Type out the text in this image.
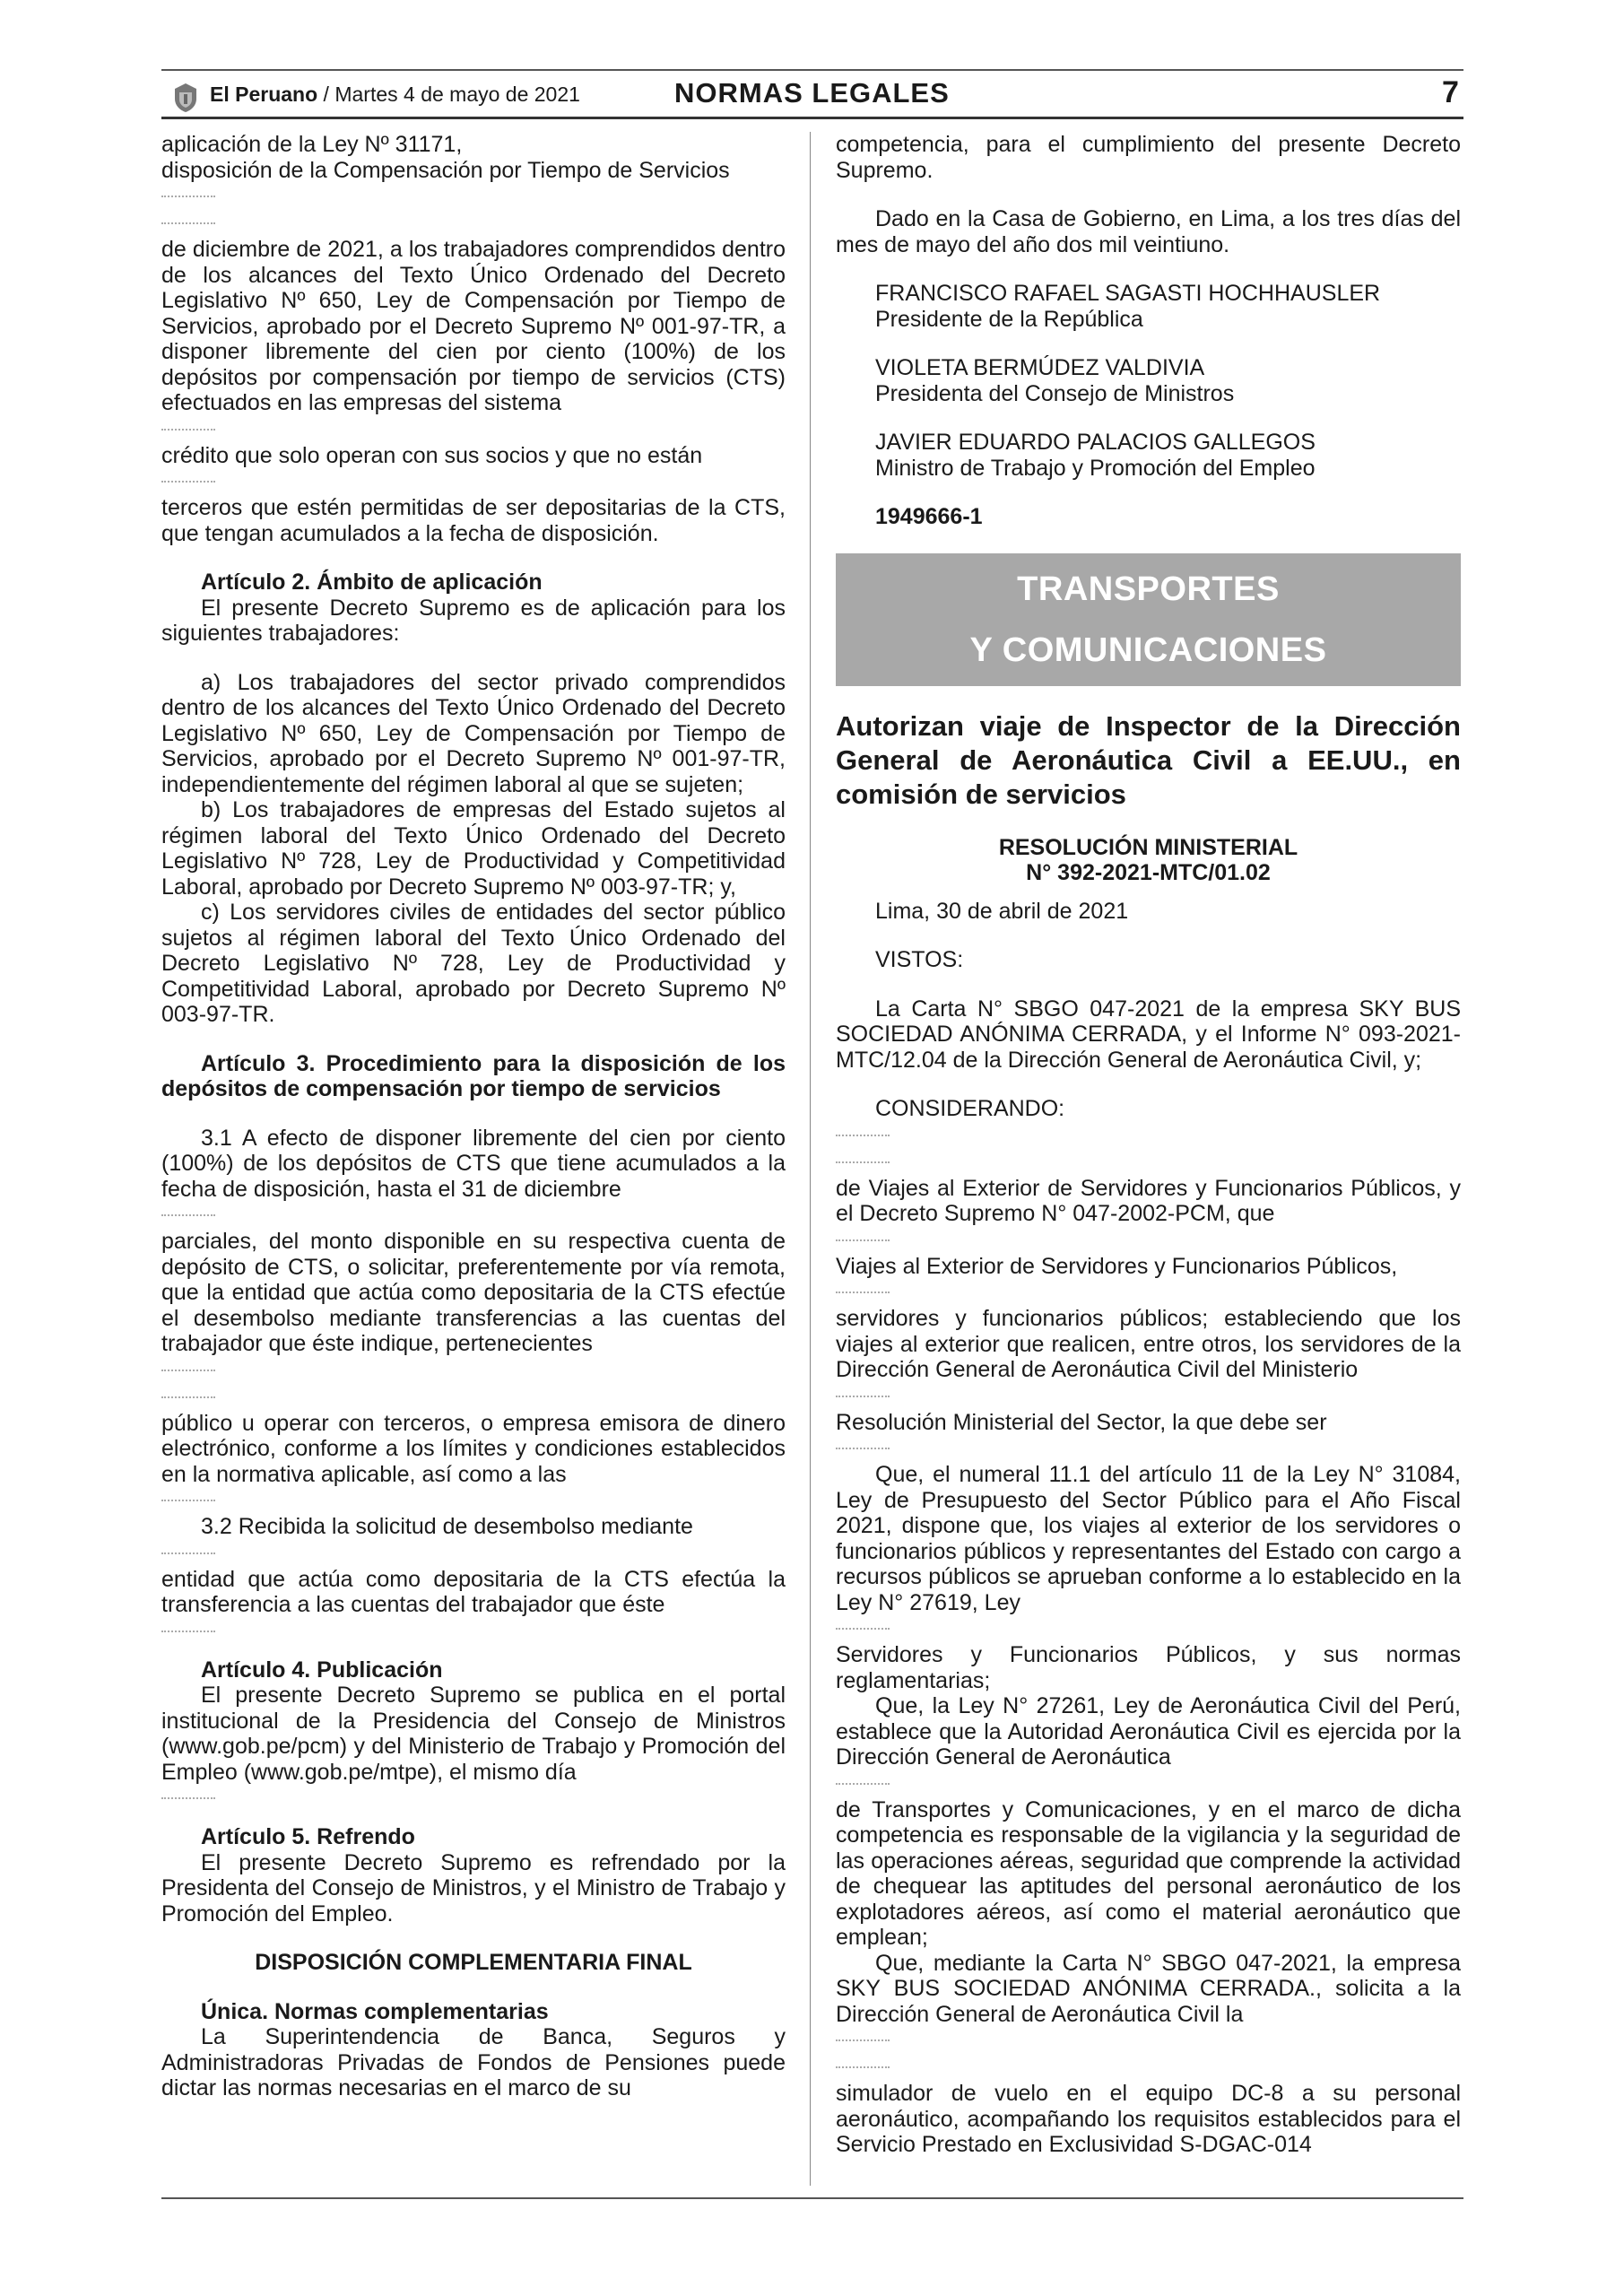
El Peruano / Martes 4 de mayo de 2021	NORMAS LEGALES	7

aplicación de la Ley Nº 31171,

disposición de la Compensación por Tiempo de Servicios

de diciembre de 2021, a los trabajadores comprendidos dentro de los alcances del Texto Único Ordenado del Decreto Legislativo Nº 650, Ley de Compensación por Tiempo de Servicios, aprobado por el Decreto Supremo Nº 001-97-TR, a disponer libremente del cien por ciento (100%) de los depósitos por compensación por tiempo de servicios (CTS) efectuados en las empresas del sistema

crédito que solo operan con sus socios y que no están

terceros que estén permitidas de ser depositarias de la CTS, que tengan acumulados a la fecha de disposición.

Artículo 2. Ámbito de aplicación

El presente Decreto Supremo es de aplicación para los siguientes trabajadores:

a) Los trabajadores del sector privado comprendidos dentro de los alcances del Texto Único Ordenado del Decreto Legislativo Nº 650, Ley de Compensación por Tiempo de Servicios, aprobado por el Decreto Supremo Nº 001-97-TR, independientemente del régimen laboral al que se sujeten;

b) Los trabajadores de empresas del Estado sujetos al régimen laboral del Texto Único Ordenado del Decreto Legislativo Nº 728, Ley de Productividad y Competitividad Laboral, aprobado por Decreto Supremo Nº 003-97-TR; y,

c) Los servidores civiles de entidades del sector público sujetos al régimen laboral del Texto Único Ordenado del Decreto Legislativo Nº 728, Ley de Productividad y Competitividad Laboral, aprobado por Decreto Supremo Nº 003-97-TR.

Artículo 3. Procedimiento para la disposición de los depósitos de compensación por tiempo de servicios

3.1 A efecto de disponer libremente del cien por ciento (100%) de los depósitos de CTS que tiene acumulados a la fecha de disposición, hasta el 31 de diciembre

parciales, del monto disponible en su respectiva cuenta de depósito de CTS, o solicitar, preferentemente por vía remota, que la entidad que actúa como depositaria de la CTS efectúe el desembolso mediante transferencias a las cuentas del trabajador que éste indique, pertenecientes

público u operar con terceros, o empresa emisora de dinero electrónico, conforme a los límites y condiciones establecidos en la normativa aplicable, así como a las

3.2 Recibida la solicitud de desembolso mediante

entidad que actúa como depositaria de la CTS efectúa la transferencia a las cuentas del trabajador que éste

Artículo 4. Publicación

El presente Decreto Supremo se publica en el portal institucional de la Presidencia del Consejo de Ministros (www.gob.pe/pcm) y del Ministerio de Trabajo y Promoción del Empleo (www.gob.pe/mtpe), el mismo día

Artículo 5. Refrendo

El presente Decreto Supremo es refrendado por la Presidenta del Consejo de Ministros, y el Ministro de Trabajo y Promoción del Empleo.

DISPOSICIÓN COMPLEMENTARIA FINAL

Única. Normas complementarias

La Superintendencia de Banca, Seguros y Administradoras Privadas de Fondos de Pensiones puede dictar las normas necesarias en el marco de su

competencia, para el cumplimiento del presente Decreto Supremo.

Dado en la Casa de Gobierno, en Lima, a los tres días del mes de mayo del año dos mil veintiuno.

FRANCISCO RAFAEL SAGASTI HOCHHAUSLER

Presidente de la República

VIOLETA BERMÚDEZ VALDIVIA

Presidenta del Consejo de Ministros

JAVIER EDUARDO PALACIOS GALLEGOS

Ministro de Trabajo y Promoción del Empleo

1949666-1

TRANSPORTES
Y COMUNICACIONES

Autorizan viaje de Inspector de la Dirección General de Aeronáutica Civil a EE.UU., en comisión de servicios

RESOLUCIÓN MINISTERIAL

N° 392-2021-MTC/01.02

Lima, 30 de abril de 2021

VISTOS:

La Carta N° SBGO 047-2021 de la empresa SKY BUS SOCIEDAD ANÓNIMA CERRADA, y el Informe N° 093-2021-MTC/12.04 de la Dirección General de Aeronáutica Civil, y;

CONSIDERANDO:

de Viajes al Exterior de Servidores y Funcionarios Públicos, y el Decreto Supremo N° 047-2002-PCM, que

Viajes al Exterior de Servidores y Funcionarios Públicos,

servidores y funcionarios públicos; estableciendo que los viajes al exterior que realicen, entre otros, los servidores de la Dirección General de Aeronáutica Civil del Ministerio

Resolución Ministerial del Sector, la que debe ser

Que, el numeral 11.1 del artículo 11 de la Ley N° 31084, Ley de Presupuesto del Sector Público para el Año Fiscal 2021, dispone que, los viajes al exterior de los servidores o funcionarios públicos y representantes del Estado con cargo a recursos públicos se aprueban conforme a lo establecido en la Ley N° 27619, Ley

Servidores y Funcionarios Públicos, y sus normas reglamentarias;

Que, la Ley N° 27261, Ley de Aeronáutica Civil del Perú, establece que la Autoridad Aeronáutica Civil es ejercida por la Dirección General de Aeronáutica

de Transportes y Comunicaciones, y en el marco de dicha competencia es responsable de la vigilancia y la seguridad de las operaciones aéreas, seguridad que comprende la actividad de chequear las aptitudes del personal aeronáutico de los explotadores aéreos, así como el material aeronáutico que emplean;

Que, mediante la Carta N° SBGO 047-2021, la empresa SKY BUS SOCIEDAD ANÓNIMA CERRADA., solicita a la Dirección General de Aeronáutica Civil la

simulador de vuelo en el equipo DC-8 a su personal aeronáutico, acompañando los requisitos establecidos para el Servicio Prestado en Exclusividad S-DGAC-014
